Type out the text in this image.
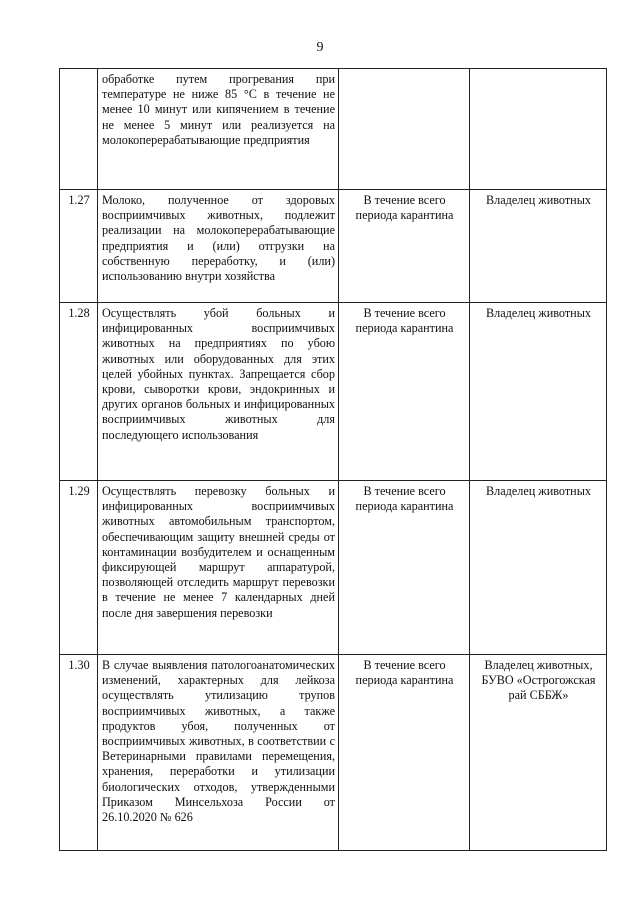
9
	обработке путем прогревания при температуре не ниже 85 °С в течение не менее 10 минут или кипячением в течение не менее 5 минут или реализуется на молокоперерабатывающие предприятия		
1.27	Молоко, полученное от здоровых восприимчивых животных, подлежит реализации на молокоперерабатывающие предприятия и (или) отгрузки на собственную переработку, и (или) использованию внутри хозяйства	В течение всего периода карантина	Владелец животных
1.28	Осуществлять убой больных и инфицированных восприимчивых животных на предприятиях по убою животных или оборудованных для этих целей убойных пунктах. Запрещается сбор крови, сыворотки крови, эндокринных и других органов больных и инфицированных восприимчивых животных для последующего использования	В течение всего периода карантина	Владелец животных
1.29	Осуществлять перевозку больных и инфицированных восприимчивых животных автомобильным транспортом, обеспечивающим защиту внешней среды от контаминации возбудителем и оснащенным фиксирующей маршрут аппаратурой, позволяющей отследить маршрут перевозки в течение не менее 7 календарных дней после дня завершения перевозки	В течение всего периода карантина	Владелец животных
1.30	В случае выявления патологоанатомических изменений, характерных для лейкоза осуществлять утилизацию трупов восприимчивых животных, а также продуктов убоя, полученных от восприимчивых животных, в соответствии с Ветеринарными правилами перемещения, хранения, переработки и утилизации биологических отходов, утвержденными Приказом Минсельхоза России от 26.10.2020 № 626	В течение всего периода карантина	Владелец животных, БУВО «Острогожская рай СББЖ»
